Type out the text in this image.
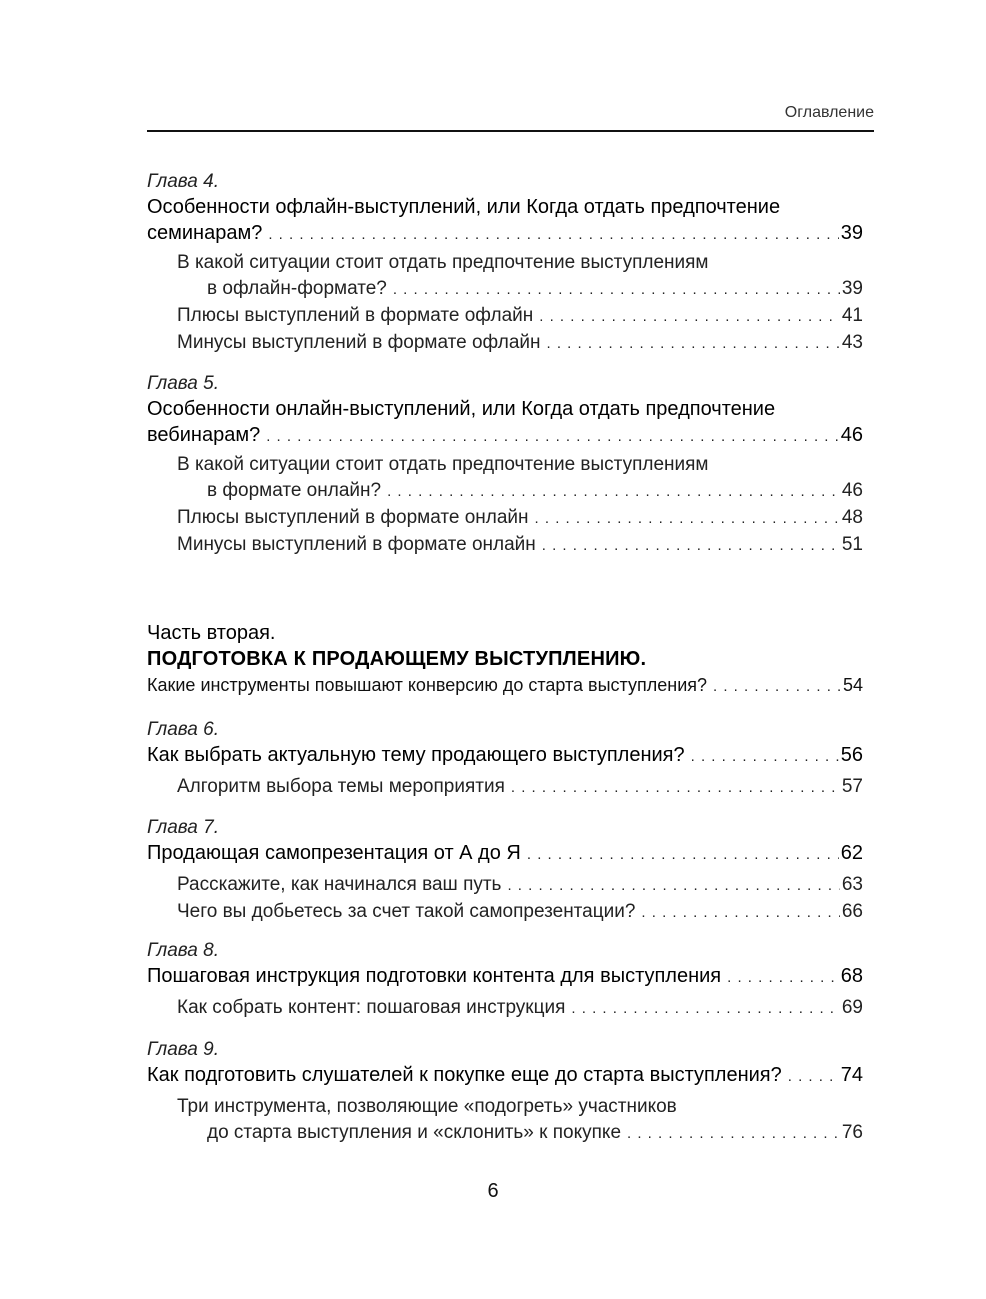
Оглавление
Глава 4.
Особенности офлайн-выступлений, или Когда отдать предпочтение
семинарам? . . .	39
В какой ситуации стоит отдать предпочтение выступлениям
в офлайн-формате? . . .	39
Плюсы выступлений в формате офлайн . . .	41
Минусы выступлений в формате офлайн . . .	43
Глава 5.
Особенности онлайн-выступлений, или Когда отдать предпочтение
вебинарам? . . .	46
В какой ситуации стоит отдать предпочтение выступлениям
в формате онлайн? . . .	46
Плюсы выступлений в формате онлайн . . .	48
Минусы выступлений в формате онлайн . . .	51
Часть вторая.
ПОДГОТОВКА К ПРОДАЮЩЕМУ ВЫСТУПЛЕНИЮ.
Какие инструменты повышают конверсию до старта выступления? . . .	54
Глава 6.
Как выбрать актуальную тему продающего выступления? . . .	56
Алгоритм выбора темы мероприятия . . .	57
Глава 7.
Продающая самопрезентация от А до Я . . .	62
Расскажите, как начинался ваш путь . . .	63
Чего вы добьетесь за счет такой самопрезентации? . . .	66
Глава 8.
Пошаговая инструкция подготовки контента для выступления . . .	68
Как собрать контент: пошаговая инструкция . . .	69
Глава 9.
Как подготовить слушателей к покупке еще до старта выступления? . . .	74
Три инструмента, позволяющие «подогреть» участников
до старта выступления и «склонить» к покупке . . .	76
6
